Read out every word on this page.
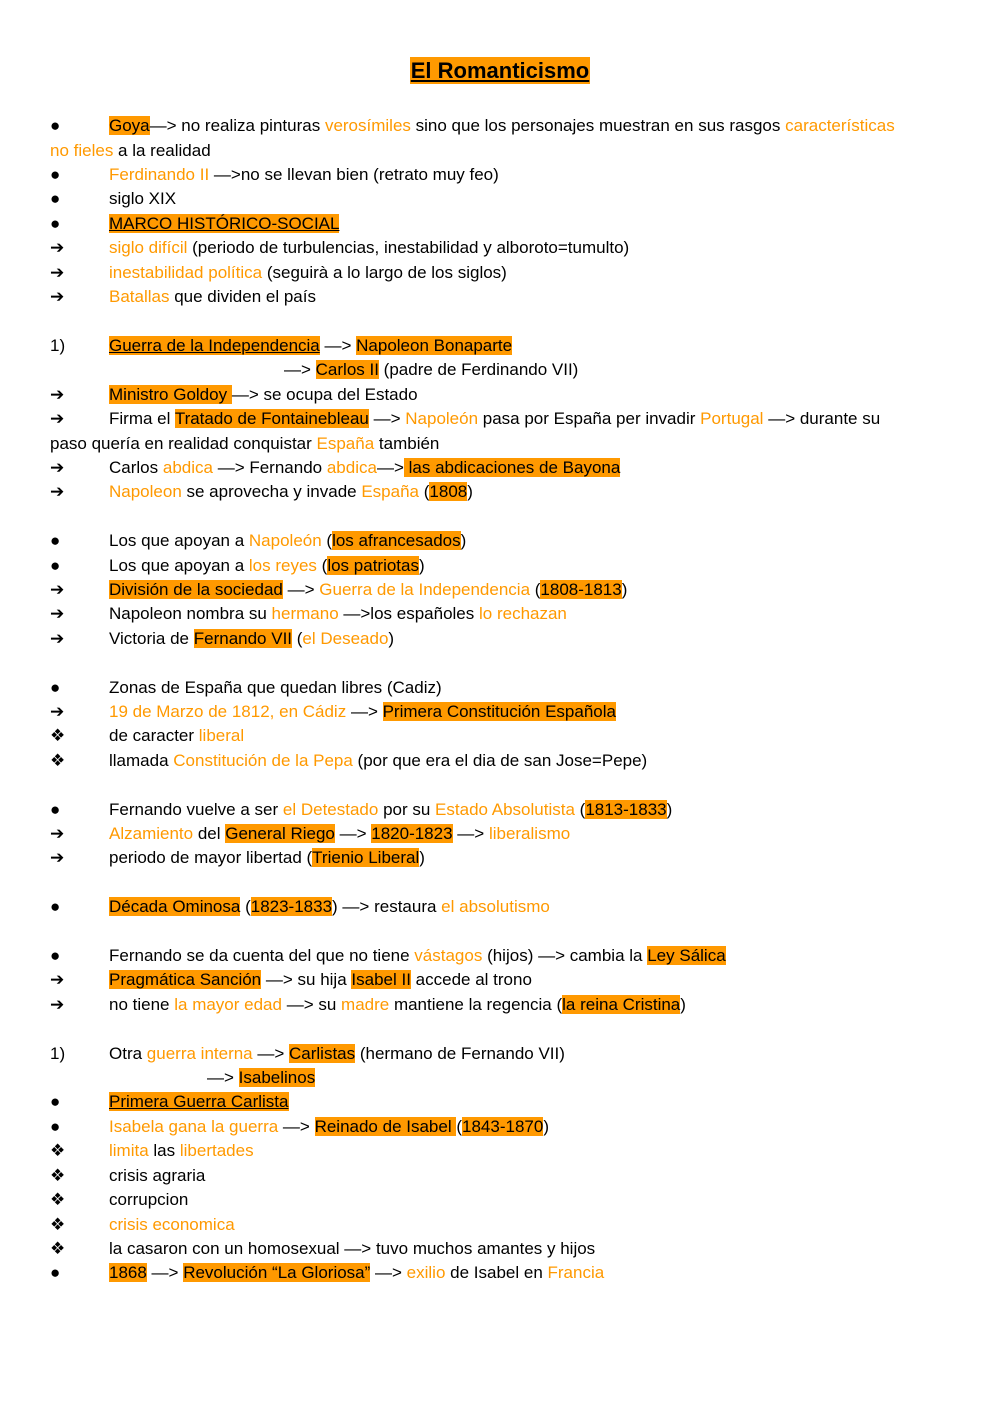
El Romanticismo
●	Goya—> no realiza pinturas verosímiles sino que los personajes muestran en sus rasgos características
no fieles a la realidad
●	Ferdinando II —>no se llevan bien (retrato muy feo)
●	siglo XIX
●	MARCO HISTÓRICO-SOCIAL
➔	siglo difícil (periodo de turbulencias, inestabilidad y alboroto=tumulto)
➔	inestabilidad política (seguirà a lo largo de los siglos)
➔	Batallas que dividen el país
1)	Guerra de la Independencia —> Napoleon Bonaparte
—> Carlos II (padre de Ferdinando VII)
➔	Ministro Goldoy —> se ocupa del Estado
➔	Firma el Tratado de Fontainebleau —> Napoleón pasa por España per invadir Portugal —> durante su
paso quería en realidad conquistar España también
➔	Carlos abdica —> Fernando abdica—> las abdicaciones de Bayona
➔	Napoleon se aprovecha y invade España (1808)
●	Los que apoyan a Napoleón (los afrancesados)
●	Los que apoyan a los reyes (los patriotas)
➔	División de la sociedad —> Guerra de la Independencia (1808-1813)
➔	Napoleon nombra su hermano —>los españoles lo rechazan
➔	Victoria de Fernando VII (el Deseado)
●	Zonas de España que quedan libres (Cadiz)
➔	19 de Marzo de 1812, en Cádiz —> Primera Constitución Española
❖	de caracter liberal
❖	llamada Constitución de la Pepa (por que era el dia de san Jose=Pepe)
●	Fernando vuelve a ser el Detestado por su Estado Absolutista (1813-1833)
➔	Alzamiento del General Riego —> 1820-1823 —> liberalismo
➔	periodo de mayor libertad (Trienio Liberal)
●	Década Ominosa (1823-1833) —> restaura el absolutismo
●	Fernando se da cuenta del que no tiene vástagos (hijos) —> cambia la Ley Sálica
➔	Pragmática Sanción —> su hija Isabel II accede al trono
➔	no tiene la mayor edad —> su madre mantiene la regencia (la reina Cristina)
1)	Otra guerra interna —> Carlistas (hermano de Fernando VII)
—> Isabelinos
●	Primera Guerra Carlista
●	Isabela gana la guerra —> Reinado de Isabel (1843-1870)
❖	limita las libertades
❖	crisis agraria
❖	corrupcion
❖	crisis economica
❖	la casaron con un homosexual —> tuvo muchos amantes y hijos
●	1868 —> Revolución “La Gloriosa” —> exilio de Isabel en Francia
